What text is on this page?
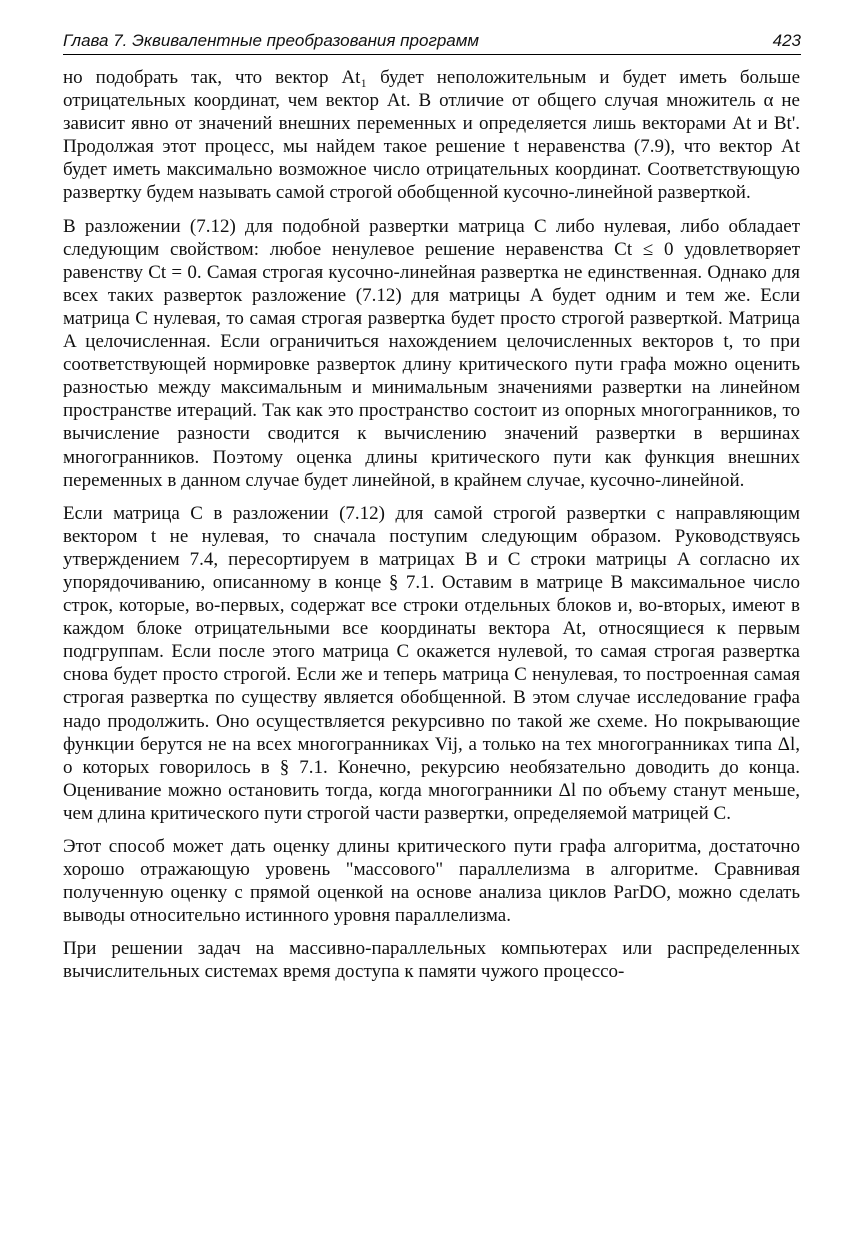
Глава 7. Эквивалентные преобразования программ	423

но подобрать так, что вектор At₁ будет неположительным и будет иметь больше отрицательных координат, чем вектор At. В отличие от общего случая множитель α не зависит явно от значений внешних переменных и определяется лишь векторами At и Bt'. Продолжая этот процесс, мы найдем такое решение t неравенства (7.9), что вектор At будет иметь максимально возможное число отрицательных координат. Соответствующую развертку будем называть самой строгой обобщенной кусочно-линейной разверткой.

В разложении (7.12) для подобной развертки матрица C либо нулевая, либо обладает следующим свойством: любое ненулевое решение неравенства Ct ≤ 0 удовлетворяет равенству Ct = 0. Самая строгая кусочно-линейная развертка не единственная. Однако для всех таких разверток разложение (7.12) для матрицы A будет одним и тем же. Если матрица C нулевая, то самая строгая развертка будет просто строгой разверткой. Матрица A целочисленная. Если ограничиться нахождением целочисленных векторов t, то при соответствующей нормировке разверток длину критического пути графа можно оценить разностью между максимальным и минимальным значениями развертки на линейном пространстве итераций. Так как это пространство состоит из опорных многогранников, то вычисление разности сводится к вычислению значений развертки в вершинах многогранников. Поэтому оценка длины критического пути как функция внешних переменных в данном случае будет линейной, в крайнем случае, кусочно-линейной.

Если матрица C в разложении (7.12) для самой строгой развертки с направляющим вектором t не нулевая, то сначала поступим следующим образом. Руководствуясь утверждением 7.4, пересортируем в матрицах B и C строки матрицы A согласно их упорядочиванию, описанному в конце § 7.1. Оставим в матрице B максимальное число строк, которые, во-первых, содержат все строки отдельных блоков и, во-вторых, имеют в каждом блоке отрицательными все координаты вектора At, относящиеся к первым подгруппам. Если после этого матрица C окажется нулевой, то самая строгая развертка снова будет просто строгой. Если же и теперь матрица C ненулевая, то построенная самая строгая развертка по существу является обобщенной. В этом случае исследование графа надо продолжить. Оно осуществляется рекурсивно по такой же схеме. Но покрывающие функции берутся не на всех многогранниках Vij, а только на тех многогранниках типа Δl, о которых говорилось в § 7.1. Конечно, рекурсию необязательно доводить до конца. Оценивание можно остановить тогда, когда многогранники Δl по объему станут меньше, чем длина критического пути строгой части развертки, определяемой матрицей C.

Этот способ может дать оценку длины критического пути графа алгоритма, достаточно хорошо отражающую уровень "массового" параллелизма в алгоритме. Сравнивая полученную оценку с прямой оценкой на основе анализа циклов ParDO, можно сделать выводы относительно истинного уровня параллелизма.

При решении задач на массивно-параллельных компьютерах или распределенных вычислительных системах время доступа к памяти чужого процессо-
